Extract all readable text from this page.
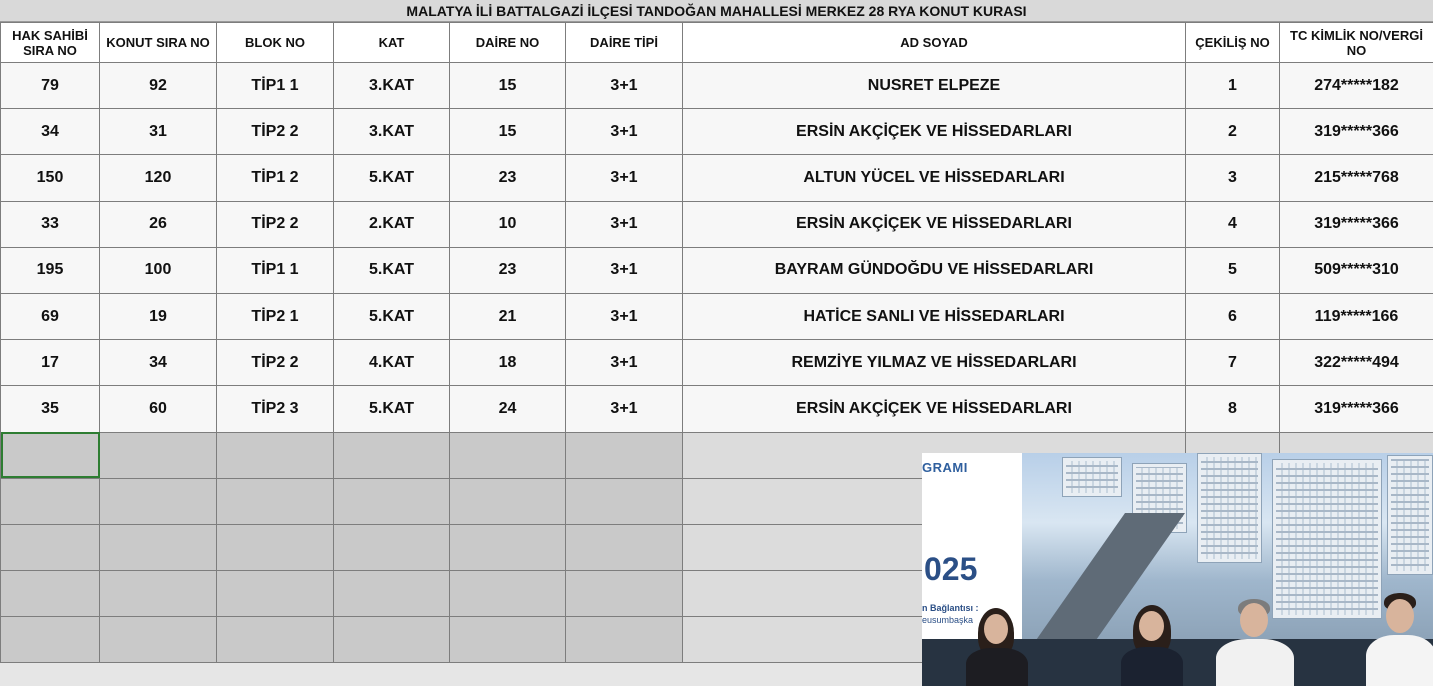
MALATYA İLİ BATTALGAZİ İLÇESİ TANDOĞAN MAHALLESİ MERKEZ 28 RYA KONUT KURASI
HAK SAHİBİ SIRA NO	KONUT SIRA NO	BLOK NO	KAT	DAİRE NO	DAİRE TİPİ	AD SOYAD	ÇEKİLİŞ NO	TC KİMLİK NO/VERGİ NO
79	92	TİP1 1	3.KAT	15	3+1	NUSRET ELPEZE	1	274*****182
34	31	TİP2 2	3.KAT	15	3+1	ERSİN AKÇİÇEK VE HİSSEDARLARI	2	319*****366
150	120	TİP1 2	5.KAT	23	3+1	ALTUN YÜCEL VE HİSSEDARLARI	3	215*****768
33	26	TİP2 2	2.KAT	10	3+1	ERSİN AKÇİÇEK VE HİSSEDARLARI	4	319*****366
195	100	TİP1 1	5.KAT	23	3+1	BAYRAM GÜNDOĞDU VE HİSSEDARLARI	5	509*****310
69	19	TİP2 1	5.KAT	21	3+1	HATİCE SANLI VE HİSSEDARLARI	6	119*****166
17	34	TİP2 2	4.KAT	18	3+1	REMZİYE YILMAZ VE HİSSEDARLARI	7	322*****494
35	60	TİP2 3	5.KAT	24	3+1	ERSİN AKÇİÇEK VE HİSSEDARLARI	8	319*****366

GRAMI
025
n Bağlantısı :
eusumbaşka
